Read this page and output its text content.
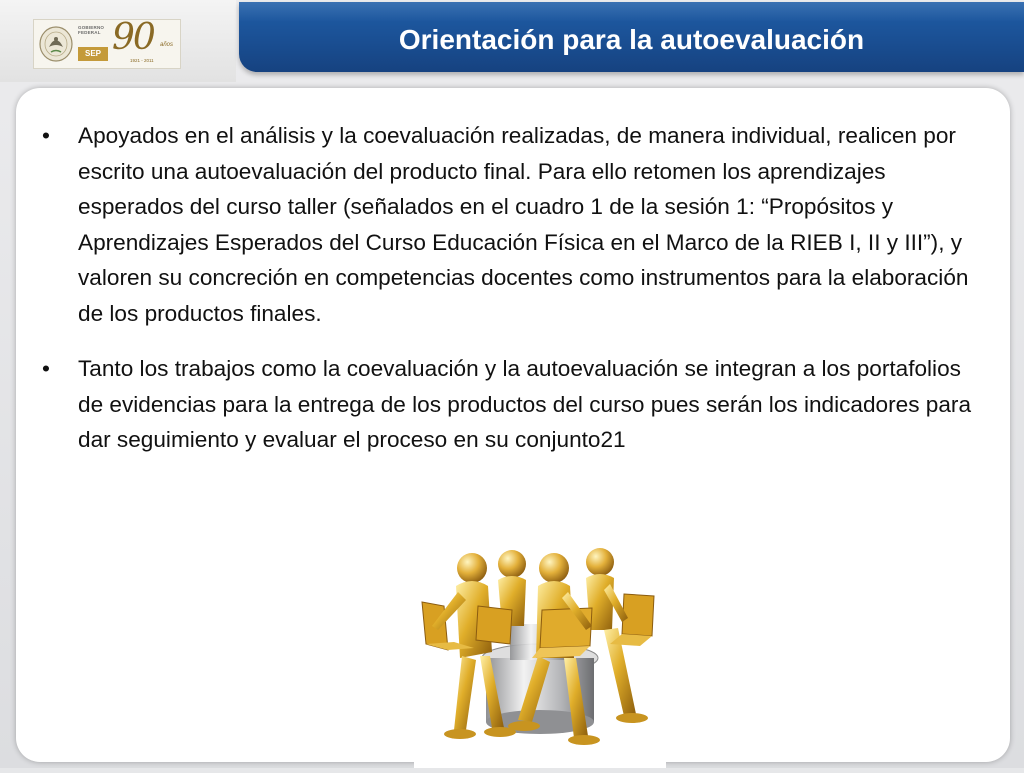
GOBIERNO FEDERAL
SEP 90 años
1921 - 2011
Orientación para la autoevaluación
• Apoyados en el análisis y la coevaluación realizadas, de manera individual, realicen por escrito una autoevaluación del producto final. Para ello retomen los aprendizajes esperados del curso taller (señalados en el cuadro 1 de la sesión 1: “Propósitos y Aprendizajes Esperados del Curso Educación Física en el Marco de la RIEB I, II y III”), y valoren su concreción en competencias docentes como instrumentos para la elaboración de los productos finales.
• Tanto los trabajos como la coevaluación y la autoevaluación se integran a los portafolios de evidencias para la entrega de los productos del curso pues serán los indicadores para dar seguimiento y evaluar el proceso en su conjunto21
